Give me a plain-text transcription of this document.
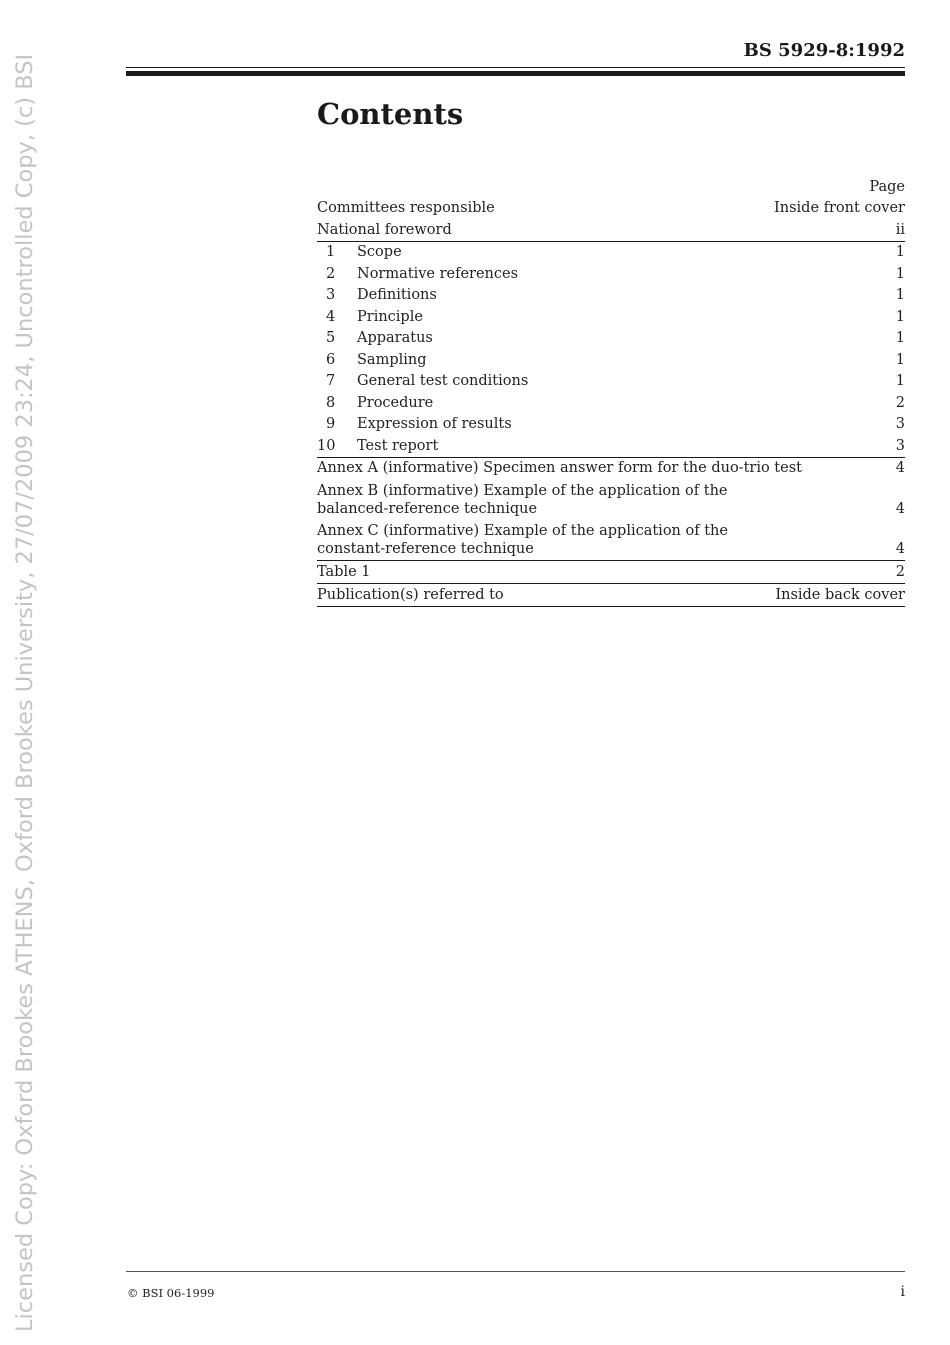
Licensed Copy: Oxford Brookes ATHENS, Oxford Brookes University, 27/07/2009 23:24, Uncontrolled Copy, (c) BSI
BS 5929-8:1992
Contents
Page
Committees responsible	Inside front cover
National foreword	ii
1 Scope	1
2 Normative references	1
3 Definitions	1
4 Principle	1
5 Apparatus	1
6 Sampling	1
7 General test conditions	1
8 Procedure	2
9 Expression of results	3
10 Test report	3
Annex A (informative) Specimen answer form for the duo-trio test	4
Annex B (informative) Example of the application of the
balanced-reference technique	4
Annex C (informative) Example of the application of the
constant-reference technique	4
Table 1	2
Publication(s) referred to	Inside back cover
© BSI 06-1999	i
